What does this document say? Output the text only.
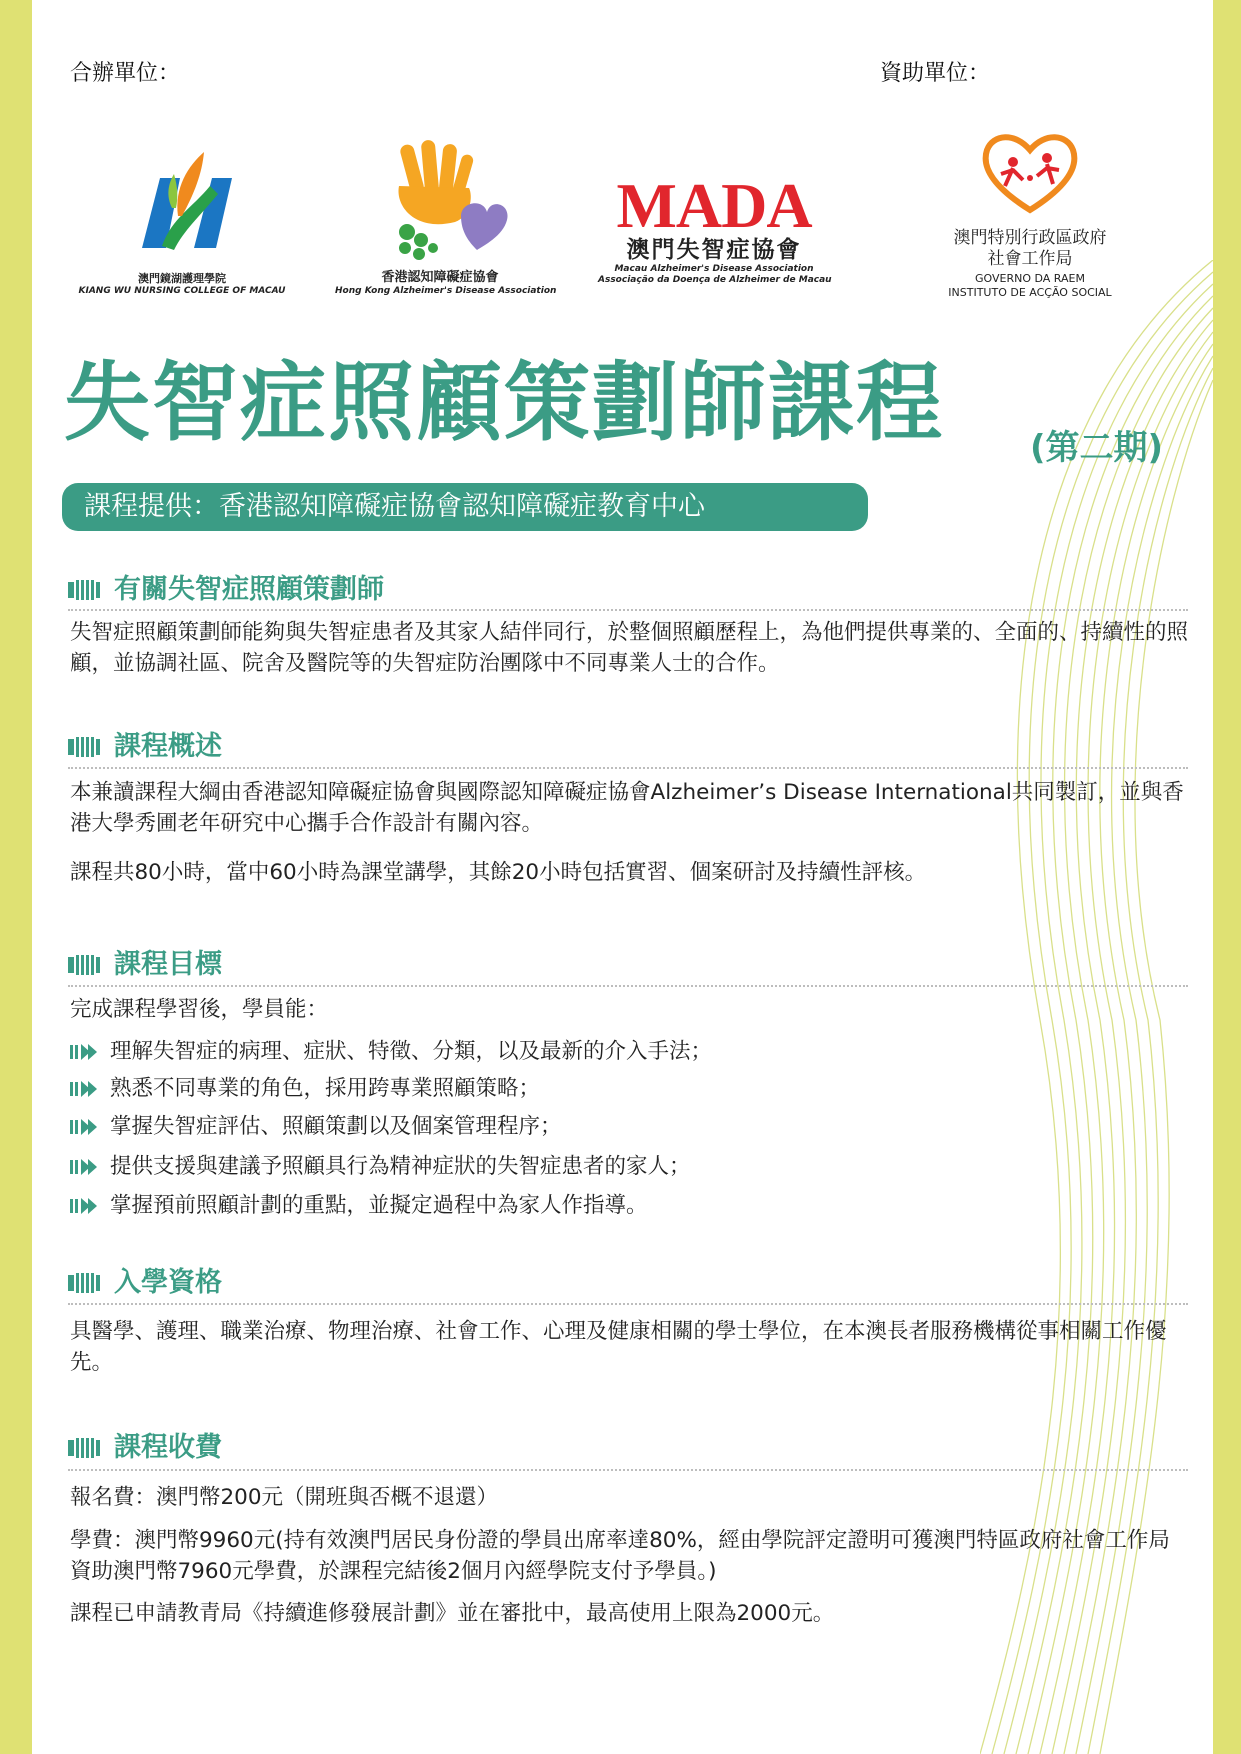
合辦單位：	資助單位：
澳門鏡湖護理學院
KIANG WU NURSING COLLEGE OF MACAU
香港認知障礙症協會
Hong Kong Alzheimer's Disease Association
MADA
澳門失智症協會
Macau Alzheimer's Disease Association
Associação da Doença de Alzheimer de Macau
澳門特別行政區政府
社會工作局
GOVERNO DA RAEM
INSTITUTO DE ACÇÃO SOCIAL
失智症照顧策劃師課程	(第二期)
課程提供：香港認知障礙症協會認知障礙症教育中心
有關失智症照顧策劃師
失智症照顧策劃師能夠與失智症患者及其家人結伴同行，於整個照顧歷程上，為他們提供專業的、全面的、持續性的照顧，並協調社區、院舍及醫院等的失智症防治團隊中不同專業人士的合作。
課程概述
本兼讀課程大綱由香港認知障礙症協會與國際認知障礙症協會Alzheimer’s Disease International共同製訂，並與香港大學秀圃老年研究中心攜手合作設計有關內容。
課程共80小時，當中60小時為課堂講學，其餘20小時包括實習、個案研討及持續性評核。
課程目標
完成課程學習後，學員能：
理解失智症的病理、症狀、特徵、分類，以及最新的介入手法；
熟悉不同專業的角色，採用跨專業照顧策略；
掌握失智症評估、照顧策劃以及個案管理程序；
提供支援與建議予照顧具行為精神症狀的失智症患者的家人；
掌握預前照顧計劃的重點，並擬定過程中為家人作指導。
入學資格
具醫學、護理、職業治療、物理治療、社會工作、心理及健康相關的學士學位，在本澳長者服務機構從事相關工作優先。
課程收費
報名費：澳門幣200元（開班與否概不退還）
學費：澳門幣9960元(持有效澳門居民身份證的學員出席率達80%，經由學院評定證明可獲澳門特區政府社會工作局資助澳門幣7960元學費，於課程完結後2個月內經學院支付予學員。)
課程已申請教青局《持續進修發展計劃》並在審批中，最高使用上限為2000元。
